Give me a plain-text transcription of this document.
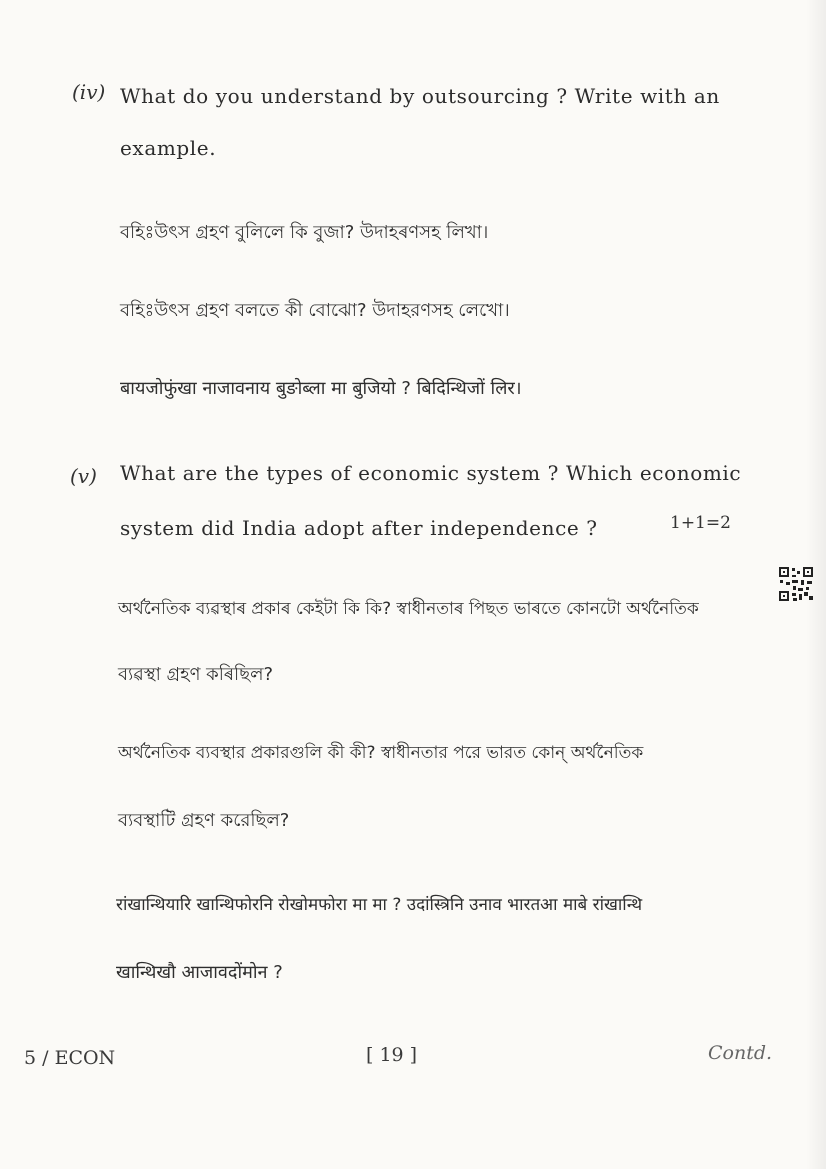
(iv) What do you understand by outsourcing ? Write with an
example.
বহিঃউৎস গ্ৰহণ বুলিলে কি বুজা? উদাহৰণসহ লিখা।
বহিঃউৎস গ্রহণ বলতে কী বোঝো? উদাহরণসহ লেখো।
बायजोफुंखा नाजावनाय बुङोब्ला मा बुजियो ? बिदिन्थिजों लिर।
(v) What are the types of economic system ? Which economic
system did India adopt after independence ?	1+1=2
অৰ্থনৈতিক ব্যৱস্থাৰ প্ৰকাৰ কেইটা কি কি? স্বাধীনতাৰ পিছত ভাৰতে কোনটো অৰ্থনৈতিক
ব্যৱস্থা গ্ৰহণ কৰিছিল?
অর্থনৈতিক ব্যবস্থার প্রকারগুলি কী কী? স্বাধীনতার পরে ভারত কোন্ অর্থনৈতিক
ব্যবস্থাটি গ্রহণ করেছিল?
रांखान्थियारि खान्थिफोरनि रोखोमफोरा मा मा ? उदांस्त्रिनि उनाव भारतआ माबे रांखान्थि
खान्थिखौ आजावदोंमोन ?
5 / ECON	[ 19 ]	Contd.
